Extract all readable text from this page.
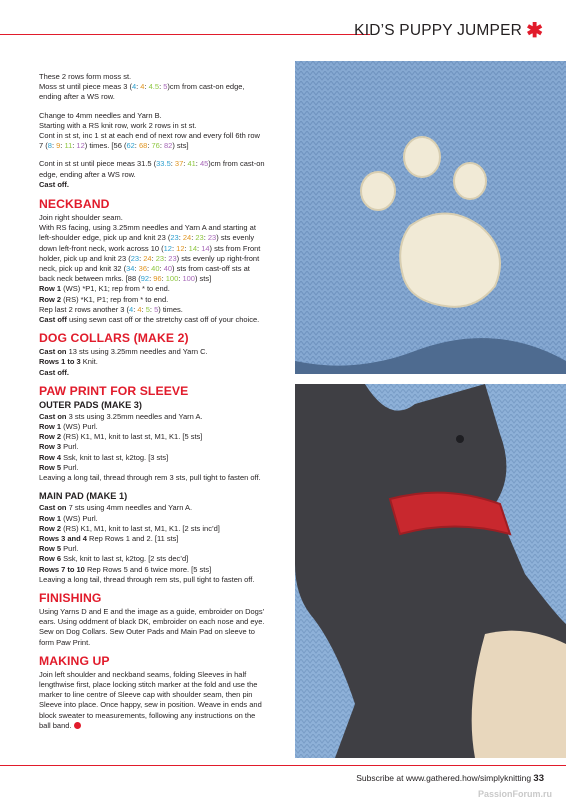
KID’S PUPPY JUMPER ✱

These 2 rows form moss st.
Moss st until piece meas 3 (4: 4: 4.5: 5)cm from cast-on edge,
ending after a WS row.

Change to 4mm needles and Yarn B.
Starting with a RS knit row, work 2 rows in st st.
Cont in st st, inc 1 st at each end of next row and every foll 6th row
7 (8: 9: 11: 12) times. [56 (62: 68: 76: 82) sts]

Cont in st st until piece meas 31.5 (33.5: 37: 41: 45)cm from cast-on
edge, ending after a WS row.
Cast off.

NECKBAND

Join right shoulder seam.
With RS facing, using 3.25mm needles and Yarn A and starting at
left-shoulder edge, pick up and knit 23 (23: 24: 23: 23) sts evenly
down left-front neck, work across 10 (12: 12: 14: 14) sts from Front
holder, pick up and knit 23 (23: 24: 23: 23) sts evenly up right-front
neck, pick up and knit 32 (34: 36: 40: 40) sts from cast-off sts at
back neck between mrks. [88 (92: 96: 100: 100) sts]
Row 1 (WS) *P1, K1; rep from * to end.
Row 2 (RS) *K1, P1; rep from * to end.
Rep last 2 rows another 3 (4: 4: 5: 5) times.
Cast off using sewn cast off or the stretchy cast off of your choice.

DOG COLLARS (MAKE 2)

Cast on 13 sts using 3.25mm needles and Yarn C.
Rows 1 to 3 Knit.
Cast off.

PAW PRINT FOR SLEEVE
OUTER PADS (MAKE 3)

Cast on 3 sts using 3.25mm needles and Yarn A.
Row 1 (WS) Purl.
Row 2 (RS) K1, M1, knit to last st, M1, K1. [5 sts]
Row 3 Purl.
Row 4 Ssk, knit to last st, k2tog. [3 sts]
Row 5 Purl.
Leaving a long tail, thread through rem 3 sts, pull tight to fasten off.

MAIN PAD (MAKE 1)

Cast on 7 sts using 4mm needles and Yarn A.
Row 1 (WS) Purl.
Row 2 (RS) K1, M1, knit to last st, M1, K1. [2 sts inc’d]
Rows 3 and 4 Rep Rows 1 and 2. [11 sts]
Row 5 Purl.
Row 6 Ssk, knit to last st, k2tog. [2 sts dec’d]
Rows 7 to 10 Rep Rows 5 and 6 twice more. [5 sts]
Leaving a long tail, thread through rem sts, pull tight to fasten off.

FINISHING

Using Yarns D and E and the image as a guide, embroider on Dogs’
ears. Using oddment of black DK, embroider on each nose and eye.
Sew on Dog Collars. Sew Outer Pads and Main Pad on sleeve to
form Paw Print.

MAKING UP

Join left shoulder and neckband seams, folding Sleeves in half
lengthwise first, place locking stitch marker at the fold and use the
marker to line centre of Sleeve cap with shoulder seam, then pin
Sleeve into place. Once happy, sew in position. Weave in ends and
block sweater to measurements, following any instructions on the
ball band.

Subscribe at www.gathered.how/simplyknitting 33
PassionForum.ru
